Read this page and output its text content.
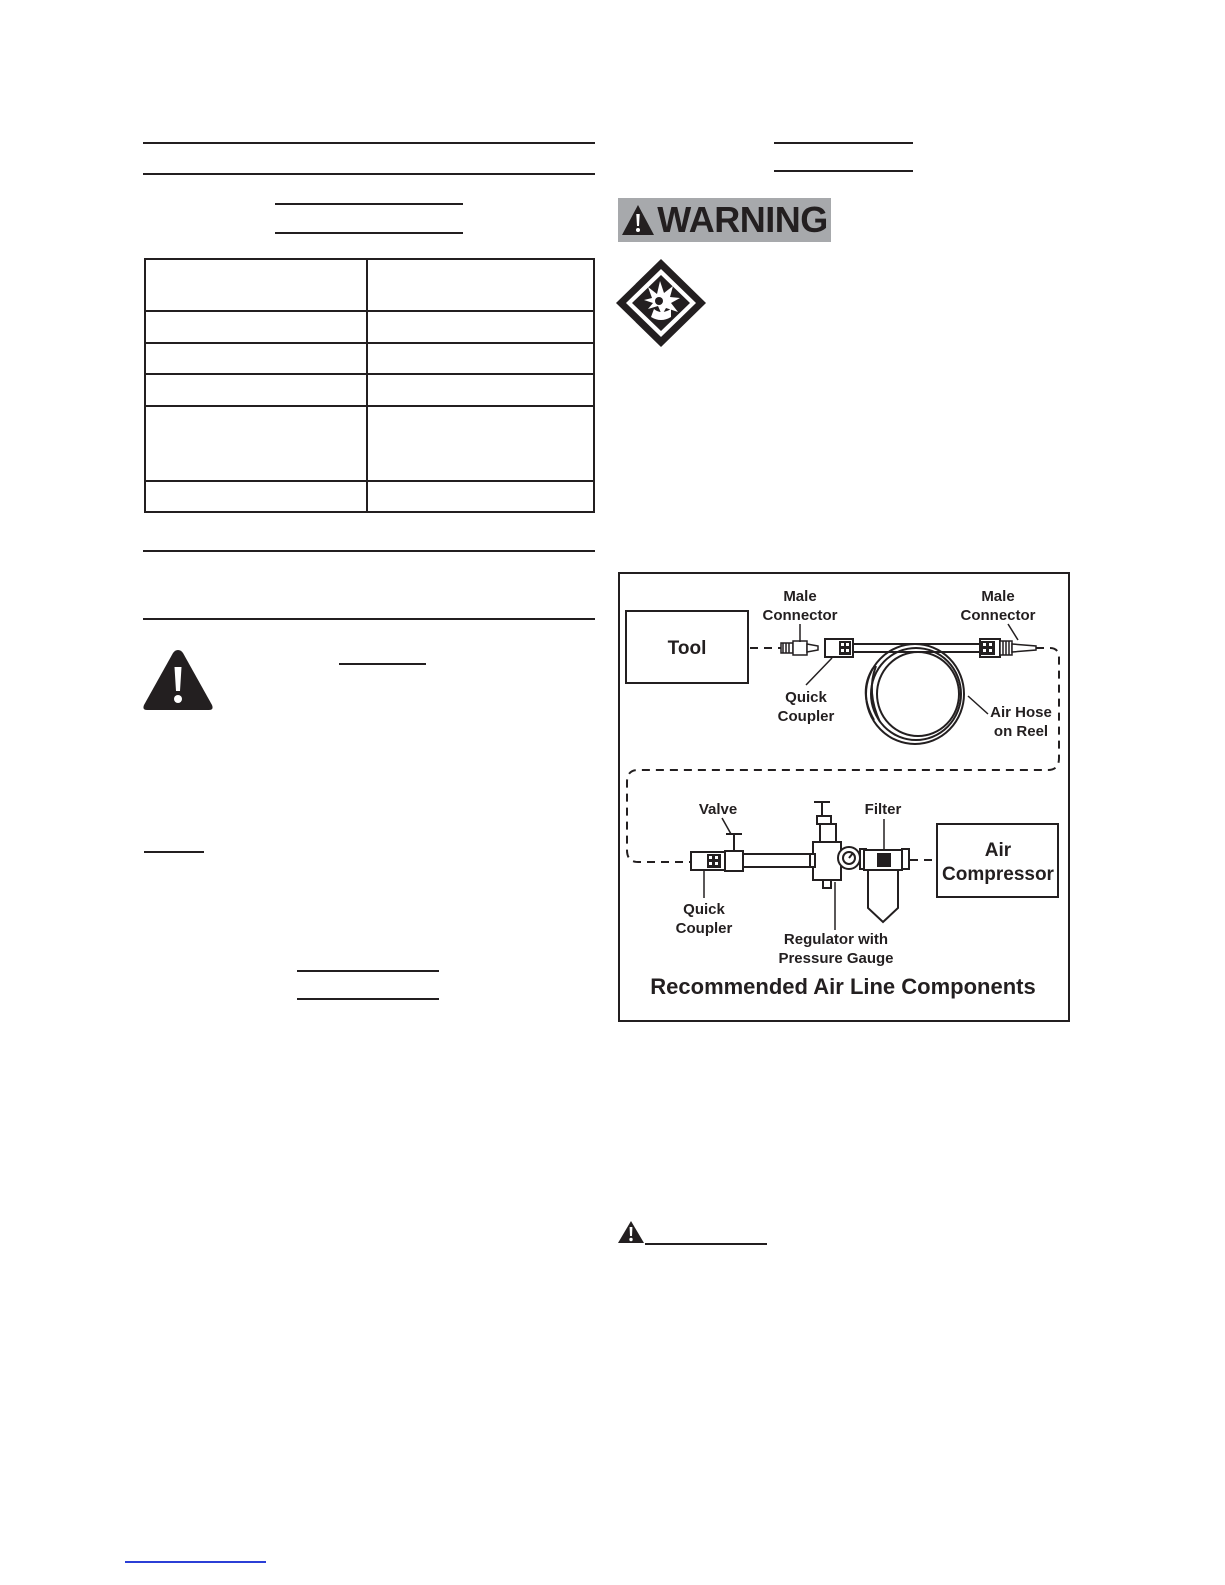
WARNING
Tool
Air
Compressor
Male
Connector
Male
Connector
Quick
Coupler	Air Hose
on Reel
Valve	Filter
Quick
Coupler
Regulator with
Pressure Gauge
Recommended Air Line Components
